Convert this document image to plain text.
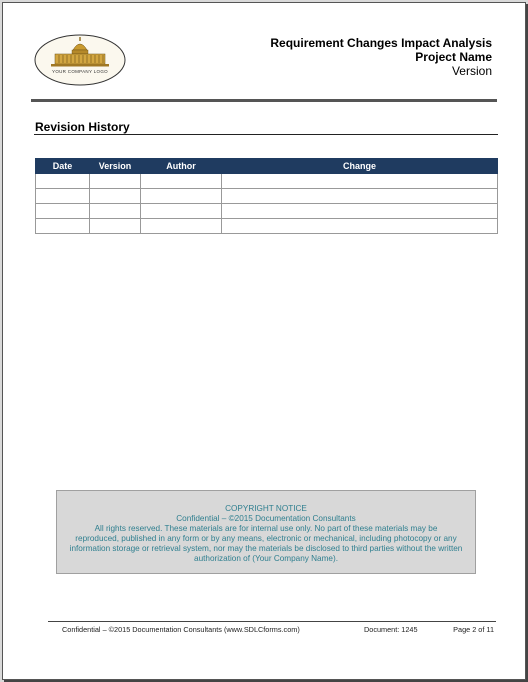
YOUR COMPANY LOGO
Requirement Changes Impact Analysis
Project Name
Version
Revision History
Date	Version	Author	Change

COPYRIGHT NOTICE
Confidential – ©2015 Documentation Consultants
All rights reserved. These materials are for internal use only. No part of these materials may be
reproduced, published in any form or by any means, electronic or mechanical, including photocopy or any
information storage or retrieval system, nor may the materials be disclosed to third parties without the written
authorization of (Your Company Name).
Confidential – ©2015 Documentation Consultants (www.SDLCforms.com)	Document: 1245	Page 2 of 11
